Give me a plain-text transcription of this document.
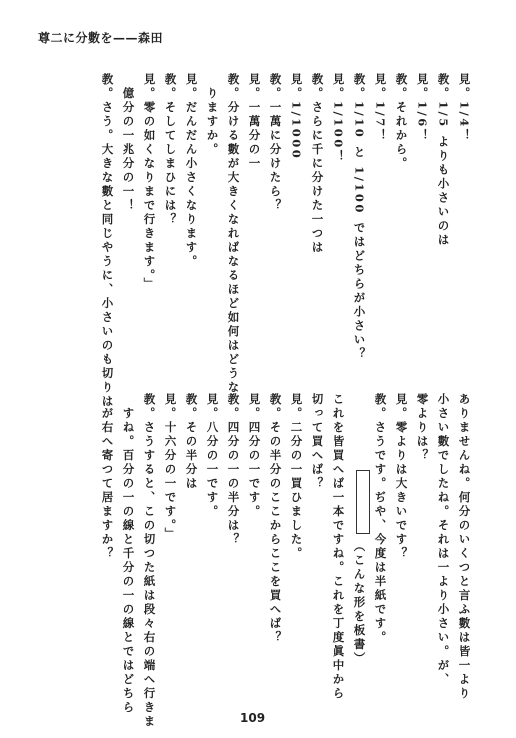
尊二に分數を——森田
見。1/4！
教。1/5 よりも小さいのは
見。1/6！
教。それから。
見。1/7！
教。1/10 と 1/100 ではどちらが小さい？
見。1/100！
教。さらに千に分けた一つは
見。1/1000
教。一萬に分けたら？
見。一萬分の一
教。分ける數が大きくなればなるほど如何はどうな
りますか。
見。だんだん小さくなります。
教。そしてしまひには？
見。零の如くなりまで行きます。」
億分の一兆分の一！
教。さう。大きな數と同じやうに、小さいのも切りは
ありませんね。何分のいくつと言ふ數は皆一より
小さい數でしたね。それは一より小さい。が、
零よりは？
見。零よりは大きいです？
教。さうです。ぢや、今度は半紙です。
（こんな形を板書）
これを皆買へば一本ですね。これを丁度眞中から
切って買へば？
見。二分の一買ひました。
教。その半分のここからここを買へば？
見。四分の一です。
教。四分の一の半分は？
見。八分の一です。
教。その半分は
見。十六分の一です。」
教。さうすると、この切つた紙は段々右の端へ行きま
すね。百分の一の線と千分の一の線とではどちら
が右へ寄つて居ますか？
109
